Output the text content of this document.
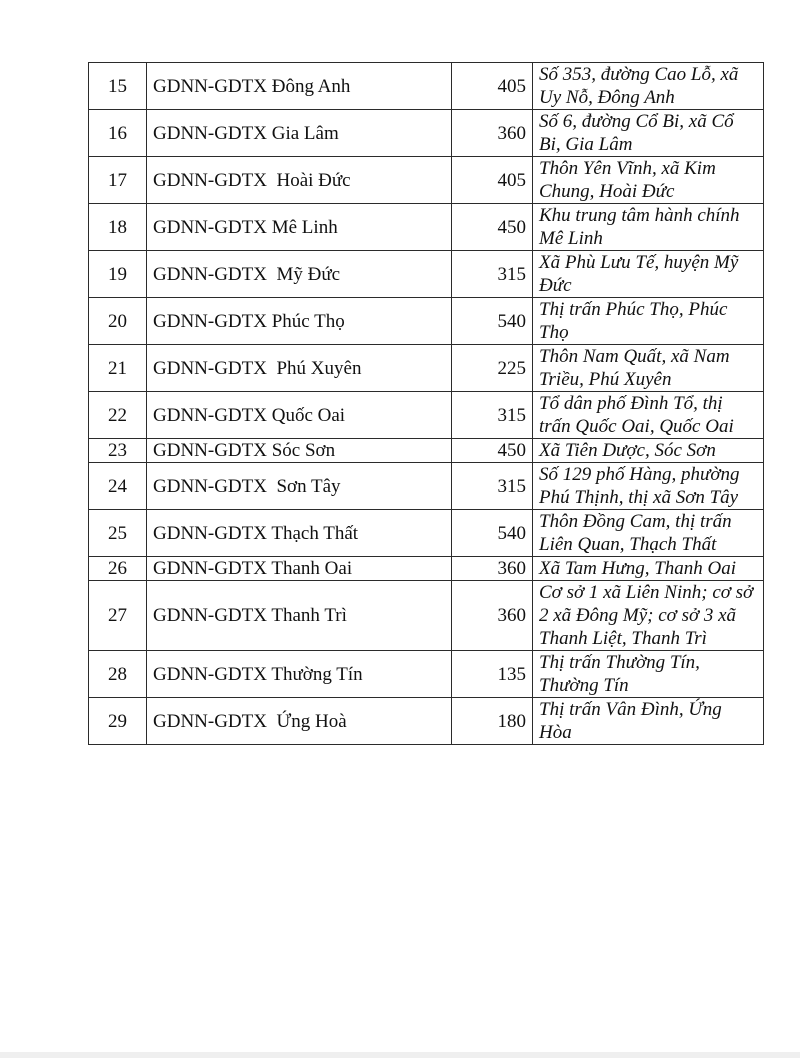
15	GDNN-GDTX Đông Anh	405	Số 353, đường Cao Lỗ, xã Uy Nỗ, Đông Anh
16	GDNN-GDTX Gia Lâm	360	Số 6, đường Cổ Bi, xã Cổ Bi, Gia Lâm
17	GDNN-GDTX  Hoài Đức	405	Thôn Yên Vĩnh, xã Kim Chung, Hoài Đức
18	GDNN-GDTX Mê Linh	450	Khu trung tâm hành chính Mê Linh
19	GDNN-GDTX  Mỹ Đức	315	Xã Phù Lưu Tế, huyện Mỹ Đức
20	GDNN-GDTX Phúc Thọ	540	Thị trấn Phúc Thọ, Phúc Thọ
21	GDNN-GDTX  Phú Xuyên	225	Thôn Nam Quất, xã Nam Triều, Phú Xuyên
22	GDNN-GDTX Quốc Oai	315	Tổ dân phố Đình Tổ, thị trấn Quốc Oai, Quốc Oai
23	GDNN-GDTX Sóc Sơn	450	Xã Tiên Dược, Sóc Sơn
24	GDNN-GDTX  Sơn Tây	315	Số 129 phố Hàng, phường Phú Thịnh, thị xã Sơn Tây
25	GDNN-GDTX Thạch Thất	540	Thôn Đồng Cam, thị trấn Liên Quan, Thạch Thất
26	GDNN-GDTX Thanh Oai	360	Xã Tam Hưng, Thanh Oai
27	GDNN-GDTX Thanh Trì	360	Cơ sở 1 xã Liên Ninh; cơ sở 2 xã Đông Mỹ; cơ sở 3 xã Thanh Liệt, Thanh Trì
28	GDNN-GDTX Thường Tín	135	Thị trấn Thường Tín, Thường Tín
29	GDNN-GDTX  Ứng Hoà	180	Thị trấn Vân Đình, Ứng Hòa
